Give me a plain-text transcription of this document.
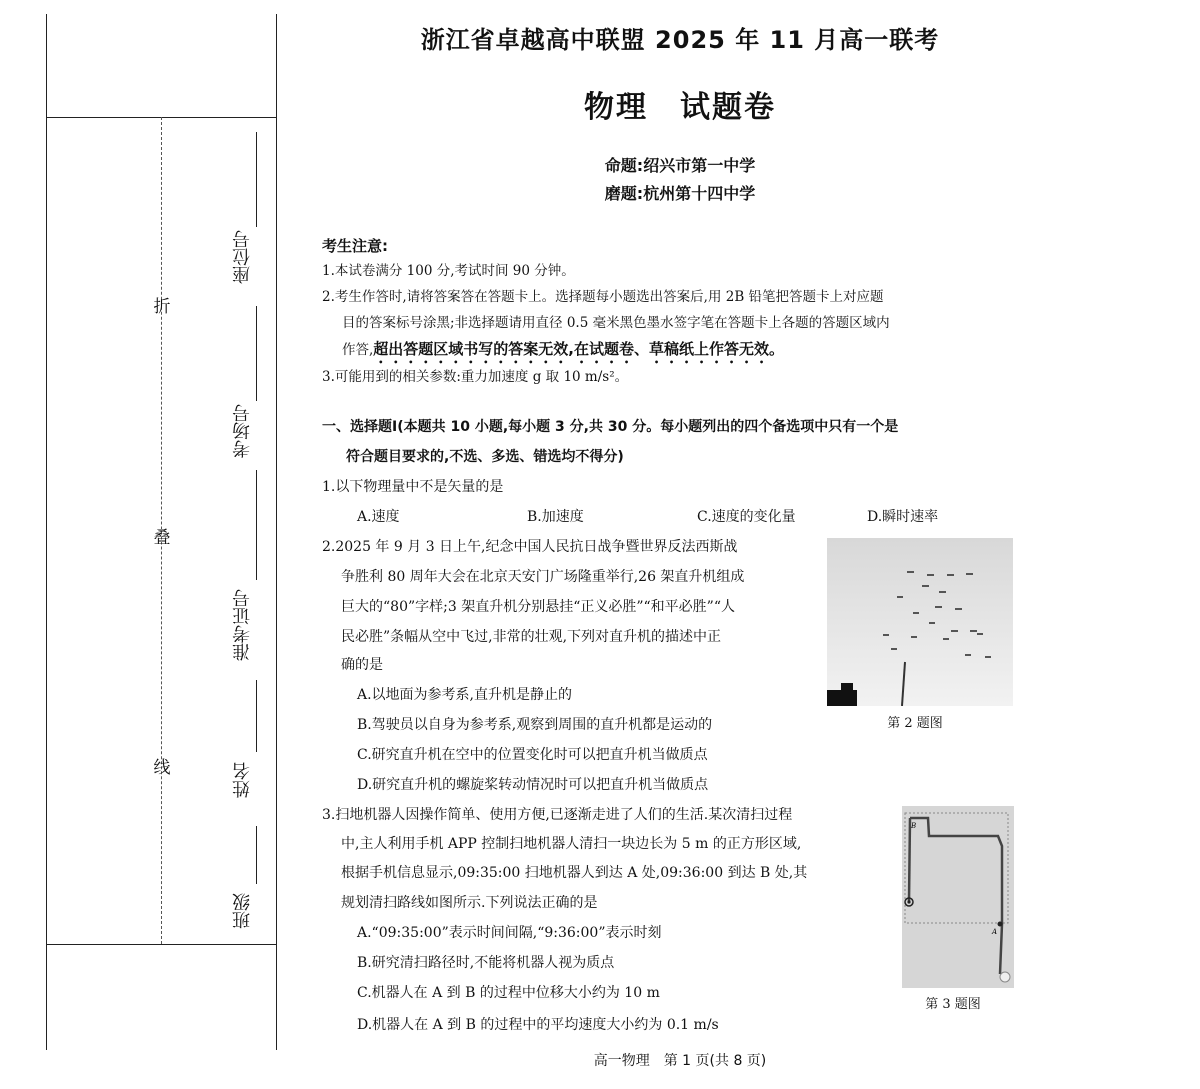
折
叠
线
座位号
考场号
准考证号
姓名
班级
浙江省卓越高中联盟 2025 年 11 月高一联考
物理　试题卷
命题:绍兴市第一中学
磨题:杭州第十四中学
考生注意:
1.本试卷满分 100 分,考试时间 90 分钟。
2.考生作答时,请将答案答在答题卡上。选择题每小题选出答案后,用 2B 铅笔把答题卡上对应题
目的答案标号涂黑;非选择题请用直径 0.5 毫米黑色墨水签字笔在答题卡上各题的答题区域内
作答,超出答题区域书写的答案无效,在试题卷、草稿纸上作答无效。
3.可能用到的相关参数:重力加速度 g 取 10 m/s²。
一、选择题Ⅰ(本题共 10 小题,每小题 3 分,共 30 分。每小题列出的四个备选项中只有一个是
符合题目要求的,不选、多选、错选均不得分)
1.以下物理量中不是矢量的是
A.速度	B.加速度	C.速度的变化量	D.瞬时速率
2.2025 年 9 月 3 日上午,纪念中国人民抗日战争暨世界反法西斯战
争胜利 80 周年大会在北京天安门广场隆重举行,26 架直升机组成
巨大的“80”字样;3 架直升机分别悬挂“正义必胜”“和平必胜”“人
民必胜”条幅从空中飞过,非常的壮观,下列对直升机的描述中正
确的是
A.以地面为参考系,直升机是静止的
B.驾驶员以自身为参考系,观察到周围的直升机都是运动的
C.研究直升机在空中的位置变化时可以把直升机当做质点
D.研究直升机的螺旋桨转动情况时可以把直升机当做质点
第 2 题图
3.扫地机器人因操作简单、使用方便,已逐渐走进了人们的生活.某次清扫过程
中,主人利用手机 APP 控制扫地机器人清扫一块边长为 5 m 的正方形区域,
根据手机信息显示,09:35:00 扫地机器人到达 A 处,09:36:00 到达 B 处,其
规划清扫路线如图所示.下列说法正确的是
A.“09:35:00”表示时间间隔,“9:36:00”表示时刻
B.研究清扫路径时,不能将机器人视为质点
C.机器人在 A 到 B 的过程中位移大小约为 10 m
D.机器人在 A 到 B 的过程中的平均速度大小约为 0.1 m/s
B
A
第 3 题图
高一物理　第 1 页(共 8 页)
